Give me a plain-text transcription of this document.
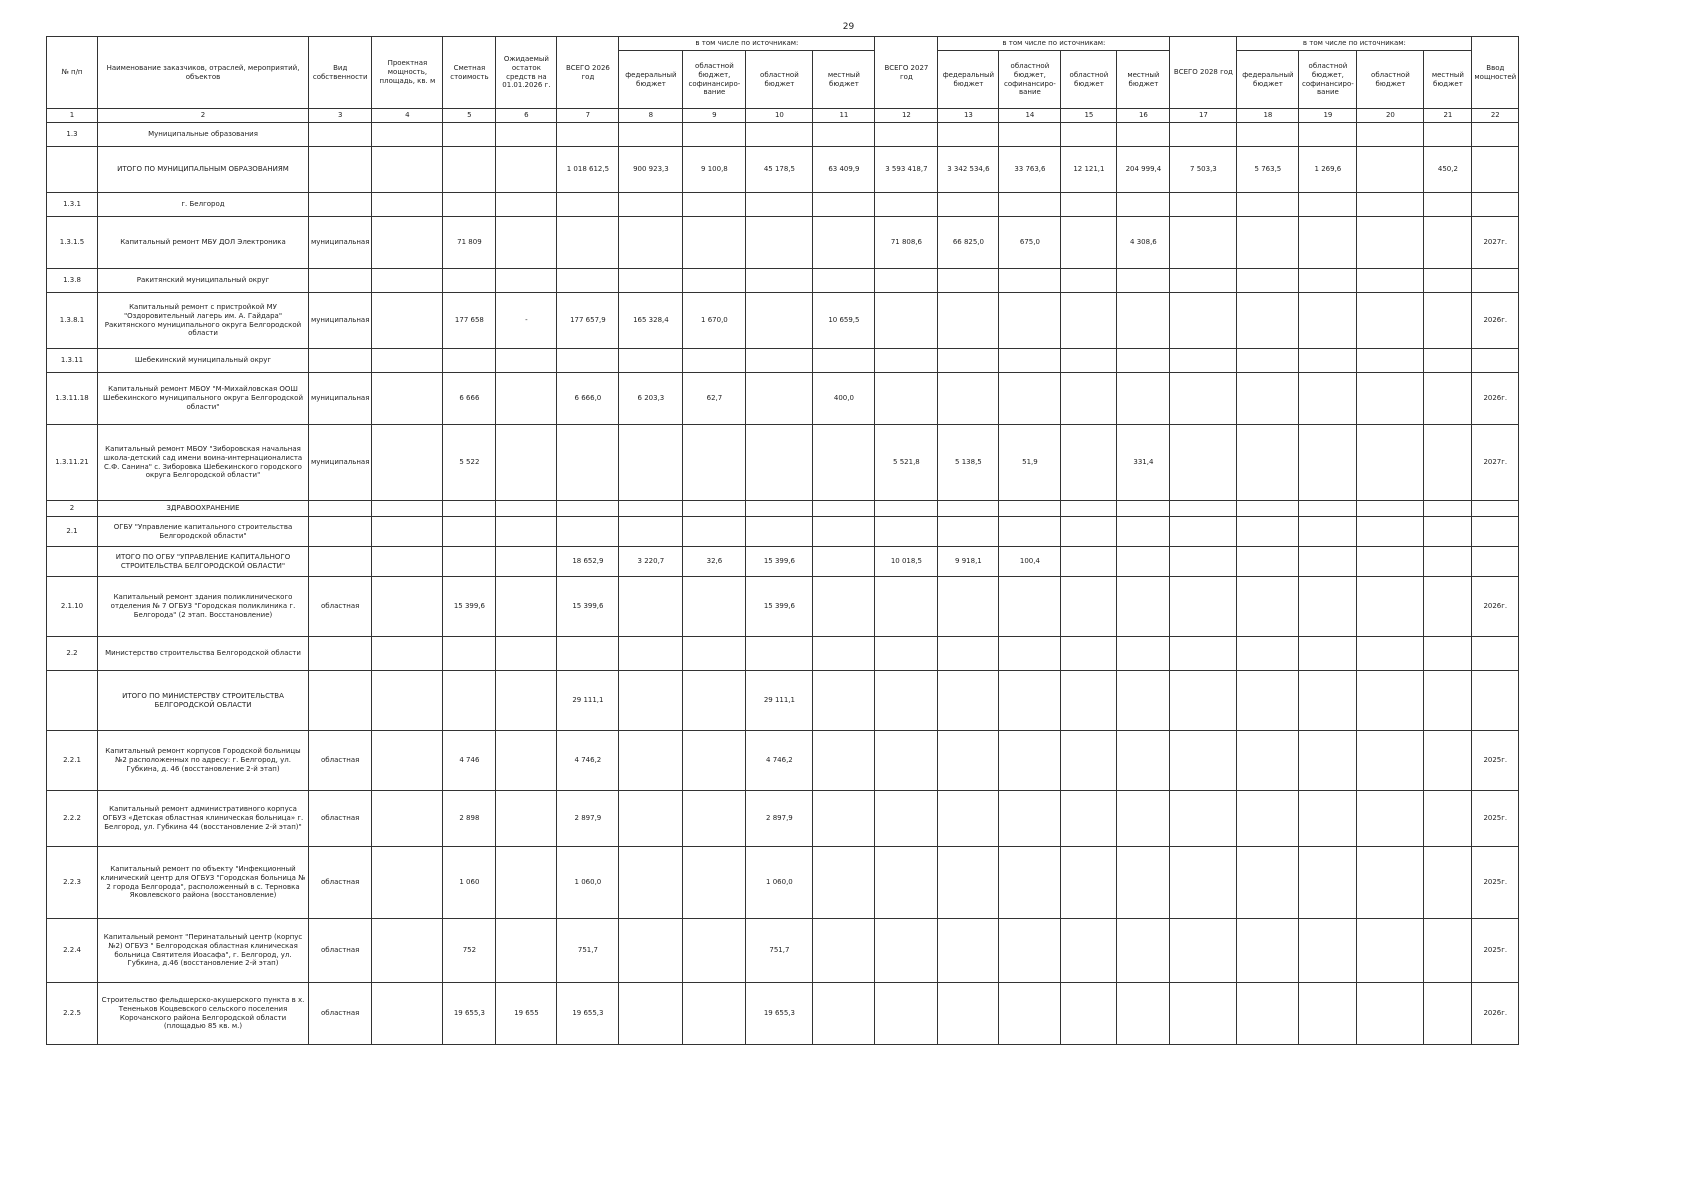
29
№ п/п	Наименование заказчиков, отраслей, мероприятий, объектов	Вид собственности	Проектная мощность, площадь, кв. м	Сметная стоимость	Ожидаемый остаток средств на 01.01.2026 г.	ВСЕГО 2026 год	в том числе по источникам:				ВСЕГО 2027 год	в том числе по источникам:				ВСЕГО 2028 год	в том числе по источникам:				Ввод мощностей
							федеральный бюджет	областной бюджет, софинансиро-вание	областной бюджет	местный бюджет		федеральный бюджет	областной бюджет, софинансиро-вание	областной бюджет	местный бюджет		федеральный бюджет	областной бюджет, софинансиро-вание	областной бюджет	местный бюджет	
1	2	3	4	5	6	7	8	9	10	11	12	13	14	15	16	17	18	19	20	21	22
1.3	Муниципальные образования																				
	ИТОГО ПО МУНИЦИПАЛЬНЫМ ОБРАЗОВАНИЯМ					1 018 612,5	900 923,3	9 100,8	45 178,5	63 409,9	3 593 418,7	3 342 534,6	33 763,6	12 121,1	204 999,4	7 503,3	5 763,5	1 269,6		450,2	
1.3.1	г. Белгород																				
1.3.1.5	Капитальный ремонт МБУ ДОЛ Электроника	муниципальная		71 809							71 808,6	66 825,0	675,0		4 308,6						2027г.
1.3.8	Ракитянский муниципальный округ																				
1.3.8.1	Капитальный ремонт с пристройкой МУ "Оздоровительный лагерь им. А. Гайдара" Ракитянского муниципального округа Белгородской области	муниципальная		177 658	-	177 657,9	165 328,4	1 670,0		10 659,5											2026г.
1.3.11	Шебекинский муниципальный округ																				
1.3.11.18	Капитальный ремонт МБОУ "М-Михайловская ООШ Шебекинского муниципального округа Белгородской области"	муниципальная		6 666		6 666,0	6 203,3	62,7		400,0											2026г.
1.3.11.21	Капитальный ремонт МБОУ "Зиборовская начальная школа-детский сад имени воина-интернационалиста С.Ф. Санина" с. Зиборовка Шебекинского городского округа Белгородской области"	муниципальная		5 522							5 521,8	5 138,5	51,9		331,4						2027г.
2	ЗДРАВООХРАНЕНИЕ																				
2.1	ОГБУ "Управление капитального строительства Белгородской области"																				
	ИТОГО ПО ОГБУ "УПРАВЛЕНИЕ КАПИТАЛЬНОГО СТРОИТЕЛЬСТВА БЕЛГОРОДСКОЙ ОБЛАСТИ"					18 652,9	3 220,7	32,6	15 399,6		10 018,5	9 918,1	100,4								
2.1.10	Капитальный ремонт здания поликлинического отделения № 7 ОГБУЗ "Городская поликлиника г. Белгорода" (2 этап. Восстановление)	областная		15 399,6		15 399,6			15 399,6												2026г.
2.2	Министерство строительства Белгородской области																				
	ИТОГО ПО МИНИСТЕРСТВУ СТРОИТЕЛЬСТВА БЕЛГОРОДСКОЙ ОБЛАСТИ					29 111,1			29 111,1												
2.2.1	Капитальный ремонт корпусов Городской больницы №2 расположенных по адресу: г. Белгород, ул. Губкина, д. 46 (восстановление 2-й этап)	областная		4 746		4 746,2			4 746,2												2025г.
2.2.2	Капитальный ремонт административного корпуса ОГБУЗ «Детская областная клиническая больница» г. Белгород, ул. Губкина 44 (восстановление 2-й этап)"	областная		2 898		2 897,9			2 897,9												2025г.
2.2.3	Капитальный ремонт по объекту "Инфекционный клинический центр для ОГБУЗ "Городская больница № 2 города Белгорода", расположенный в с. Терновка Яковлевского района (восстановление)	областная		1 060		1 060,0			1 060,0												2025г.
2.2.4	Капитальный ремонт "Перинатальный центр (корпус №2) ОГБУЗ " Белгородская областная клиническая больница Святителя Иоасафа", г. Белгород, ул. Губкина, д.46 (восстановление 2-й этап)	областная		752		751,7			751,7												2025г.
2.2.5	Строительство фельдшерско-акушерского пункта в х. Тененьков Коцвевского сельского поселения Корочанского района Белгородской области (площадью 85 кв. м.)	областная		19 655,3	19 655	19 655,3			19 655,3												2026г.
